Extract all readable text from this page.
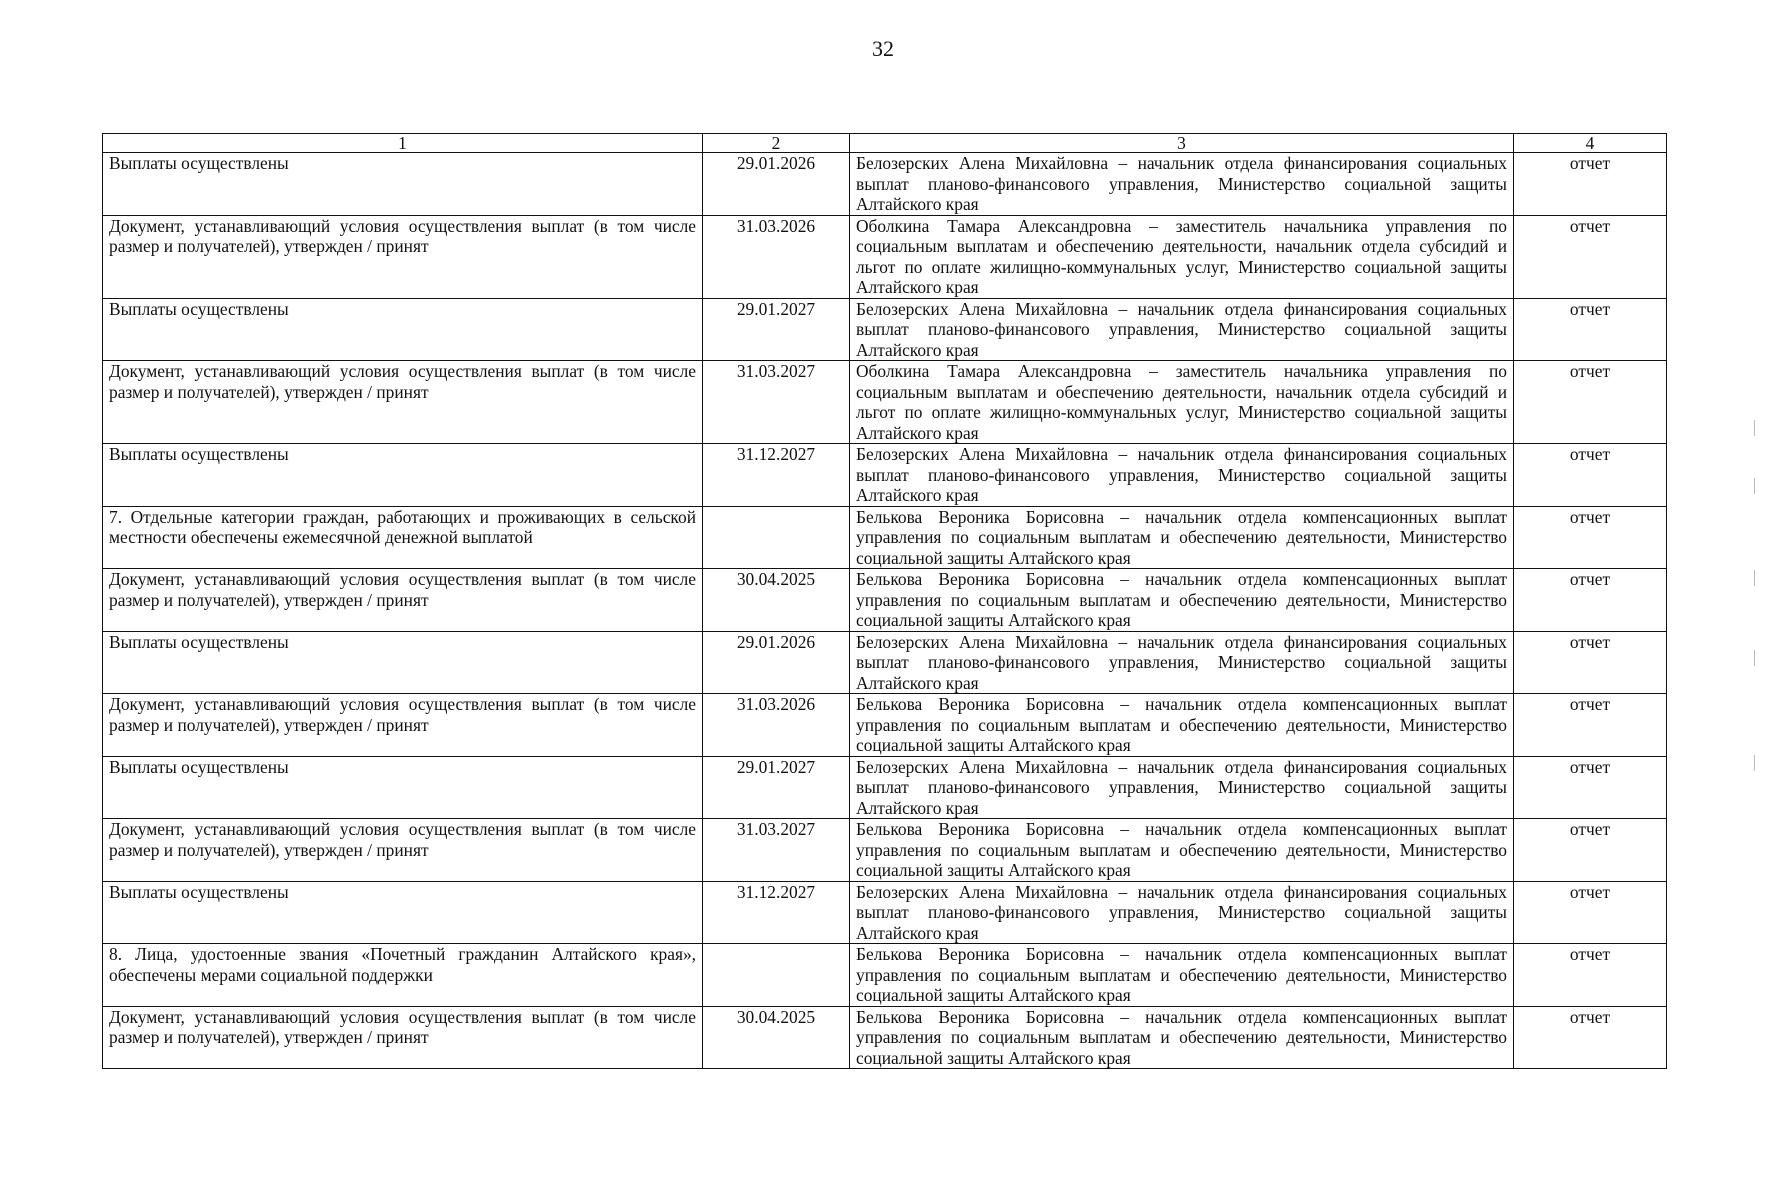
32
1	2	3	4
Выплаты осуществлены	29.01.2026	Белозерских Алена Михайловна – начальник отдела финансирования социальных выплат планово-финансового управления, Министерство социальной защиты Алтайского края	отчет
Документ, устанавливающий условия осуществления выплат (в том числе размер и получателей), утвержден / принят	31.03.2026	Оболкина Тамара Александровна – заместитель начальника управления по социальным выплатам и обеспечению деятельности, начальник отдела субсидий и льгот по оплате жилищно-коммунальных услуг, Министерство социальной защиты Алтайского края	отчет
Выплаты осуществлены	29.01.2027	Белозерских Алена Михайловна – начальник отдела финансирования социальных выплат планово-финансового управления, Министерство социальной защиты Алтайского края	отчет
Документ, устанавливающий условия осуществления выплат (в том числе размер и получателей), утвержден / принят	31.03.2027	Оболкина Тамара Александровна – заместитель начальника управления по социальным выплатам и обеспечению деятельности, начальник отдела субсидий и льгот по оплате жилищно-коммунальных услуг, Министерство социальной защиты Алтайского края	отчет
Выплаты осуществлены	31.12.2027	Белозерских Алена Михайловна – начальник отдела финансирования социальных выплат планово-финансового управления, Министерство социальной защиты Алтайского края	отчет
7. Отдельные категории граждан, работающих и проживающих в сельской местности обеспечены ежемесячной денежной выплатой		Белькова Вероника Борисовна – начальник отдела компенсационных выплат управления по социальным выплатам и обеспечению деятельности, Министерство социальной защиты Алтайского края	отчет
Документ, устанавливающий условия осуществления выплат (в том числе размер и получателей), утвержден / принят	30.04.2025	Белькова Вероника Борисовна – начальник отдела компенсационных выплат управления по социальным выплатам и обеспечению деятельности, Министерство социальной защиты Алтайского края	отчет
Выплаты осуществлены	29.01.2026	Белозерских Алена Михайловна – начальник отдела финансирования социальных выплат планово-финансового управления, Министерство социальной защиты Алтайского края	отчет
Документ, устанавливающий условия осуществления выплат (в том числе размер и получателей), утвержден / принят	31.03.2026	Белькова Вероника Борисовна – начальник отдела компенсационных выплат управления по социальным выплатам и обеспечению деятельности, Министерство социальной защиты Алтайского края	отчет
Выплаты осуществлены	29.01.2027	Белозерских Алена Михайловна – начальник отдела финансирования социальных выплат планово-финансового управления, Министерство социальной защиты Алтайского края	отчет
Документ, устанавливающий условия осуществления выплат (в том числе размер и получателей), утвержден / принят	31.03.2027	Белькова Вероника Борисовна – начальник отдела компенсационных выплат управления по социальным выплатам и обеспечению деятельности, Министерство социальной защиты Алтайского края	отчет
Выплаты осуществлены	31.12.2027	Белозерских Алена Михайловна – начальник отдела финансирования социальных выплат планово-финансового управления, Министерство социальной защиты Алтайского края	отчет
8. Лица, удостоенные звания «Почетный гражданин Алтайского края», обеспечены мерами социальной поддержки		Белькова Вероника Борисовна – начальник отдела компенсационных выплат управления по социальным выплатам и обеспечению деятельности, Министерство социальной защиты Алтайского края	отчет
Документ, устанавливающий условия осуществления выплат (в том числе размер и получателей), утвержден / принят	30.04.2025	Белькова Вероника Борисовна – начальник отдела компенсационных выплат управления по социальным выплатам и обеспечению деятельности, Министерство социальной защиты Алтайского края	отчет
